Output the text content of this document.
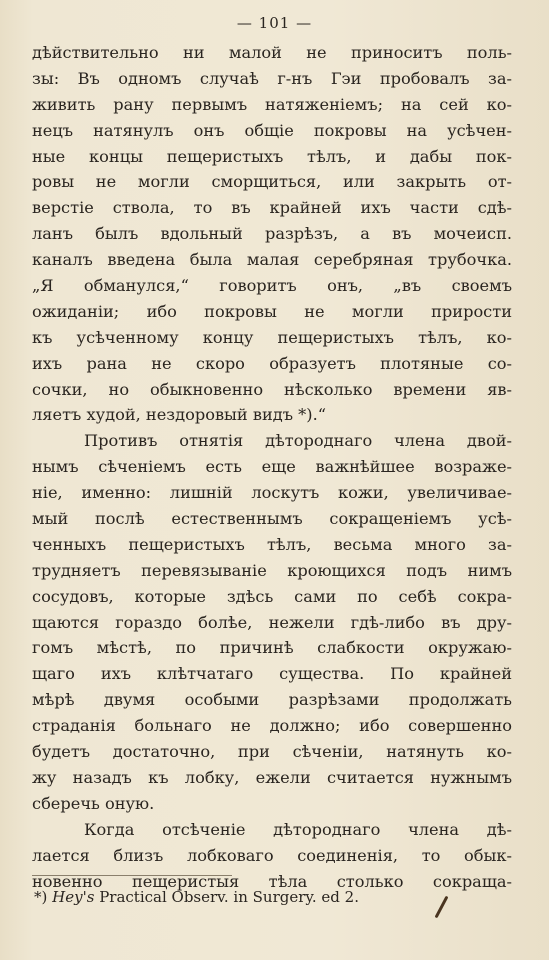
— 101 —
дѣйствительно ни малой не приноситъ поль-
зы: Въ одномъ случаѣ г-нъ Гэи пробовалъ за-
живить рану первымъ натяженіемъ; на сей ко-
нецъ натянулъ онъ общіе покровы на усѣчен-
ные концы пещеристыхъ тѣлъ, и дабы пок-
ровы не могли сморщиться, или закрыть от-
верстіе ствола, то въ крайней ихъ части сдѣ-
ланъ былъ вдольный разрѣзъ, а въ мочеисп.
каналъ введена была малая серебряная трубочка.
„Я обманулся,“ говоритъ онъ, „въ своемъ
ожиданіи; ибо покровы не могли прирости
къ усѣченному концу пещеристыхъ тѣлъ, ко-
ихъ рана не скоро образуетъ плотяные со-
сочки, но обыкновенно нѣсколько времени яв-
ляетъ худой, нездоровый видъ *).“
Противъ отнятія дѣтороднаго члена двой-
нымъ сѣченіемъ есть еще важнѣйшее возраже-
ніе, именно: лишній лоскутъ кожи, увеличивае-
мый послѣ естественнымъ сокращеніемъ усѣ-
ченныхъ пещеристыхъ тѣлъ, весьма много за-
трудняетъ перевязываніе кроющихся подъ нимъ
сосудовъ, которые здѣсь сами по себѣ сокра-
щаются гораздо болѣе, нежели гдѣ-либо въ дру-
гомъ мѣстѣ, по причинѣ слабкости окружаю-
щаго ихъ клѣтчатаго существа. По крайней
мѣрѣ двумя особыми разрѣзами продолжать
страданія больнаго не должно; ибо совершенно
будетъ достаточно, при сѣченіи, натянуть ко-
жу назадъ къ лобку, ежели считается нужнымъ
сберечь оную.
Когда отсѣченіе дѣтороднаго члена дѣ-
лается близъ лобковаго соединенія, то обык-
новенно пещеристыя тѣла столько сокраща-
*) Hey's Practical Observ. in Surgery. ed 2.
